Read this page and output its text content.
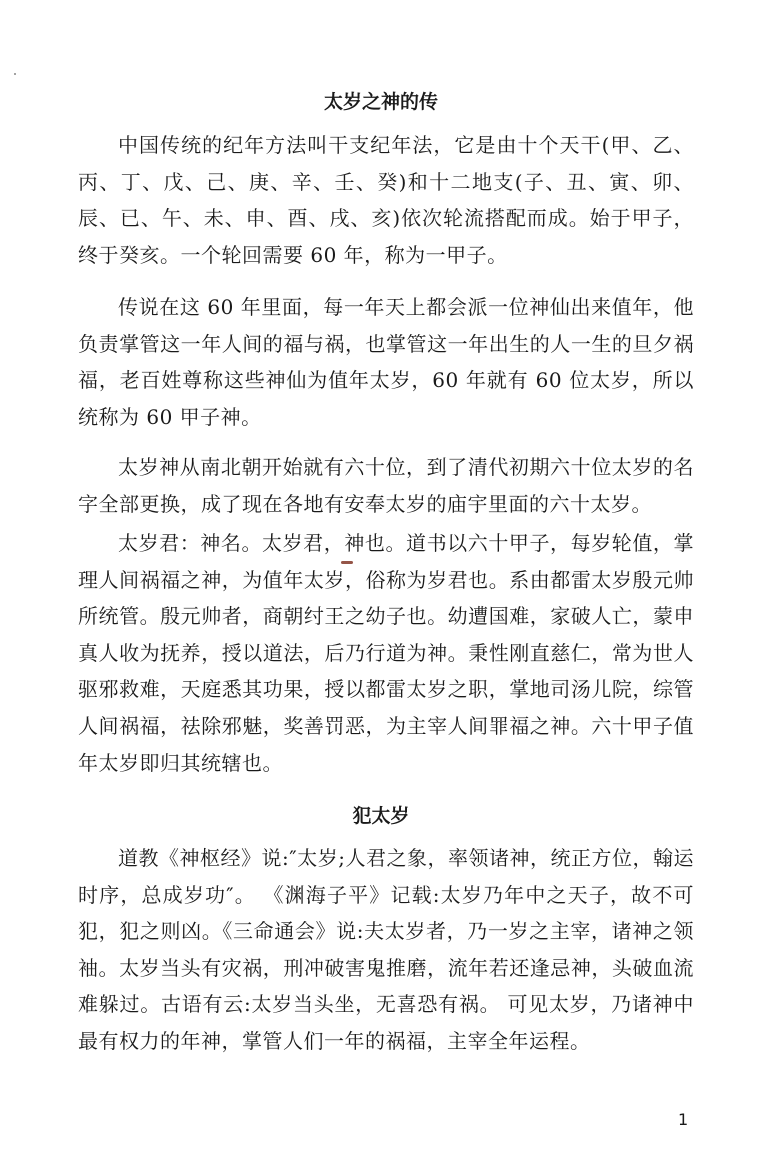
太岁之神的传

中国传统的纪年方法叫干支纪年法，它是由十个天干(甲、乙、丙、丁、戊、己、庚、辛、壬、癸)和十二地支(子、丑、寅、卯、辰、已、午、未、申、酉、戌、亥)依次轮流搭配而成。始于甲子，终于癸亥。一个轮回需要 60 年，称为一甲子。

传说在这 60 年里面，每一年天上都会派一位神仙出来值年，他负责掌管这一年人间的福与祸，也掌管这一年出生的人一生的旦夕祸福，老百姓尊称这些神仙为值年太岁，60 年就有 60 位太岁，所以统称为 60 甲子神。

太岁神从南北朝开始就有六十位，到了清代初期六十位太岁的名字全部更换，成了现在各地有安奉太岁的庙宇里面的六十太岁。

太岁君：神名。太岁君，神也。道书以六十甲子，每岁轮值，掌理人间祸福之神，为值年太岁，俗称为岁君也。系由都雷太岁殷元帅所统管。殷元帅者，商朝纣王之幼子也。幼遭国难，家破人亡，蒙申真人收为抚养，授以道法，后乃行道为神。秉性刚直慈仁，常为世人驱邪救难，天庭悉其功果，授以都雷太岁之职，掌地司汤儿院，综管人间祸福，祛除邪魅，奖善罚恶，为主宰人间罪福之神。六十甲子值年太岁即归其统辖也。

犯太岁

道教《神枢经》说:″太岁;人君之象，率领诸神，统正方位，翰运时序，总成岁功″。 《渊海子平》记载:太岁乃年中之天子，故不可犯，犯之则凶。《三命通会》说:夫太岁者，乃一岁之主宰，诸神之领袖。太岁当头有灾祸，刑冲破害鬼推磨，流年若还逢忌神，头破血流难躲过。古语有云:太岁当头坐，无喜恐有祸。 可见太岁，乃诸神中最有权力的年神，掌管人们一年的祸福，主宰全年运程。

1
